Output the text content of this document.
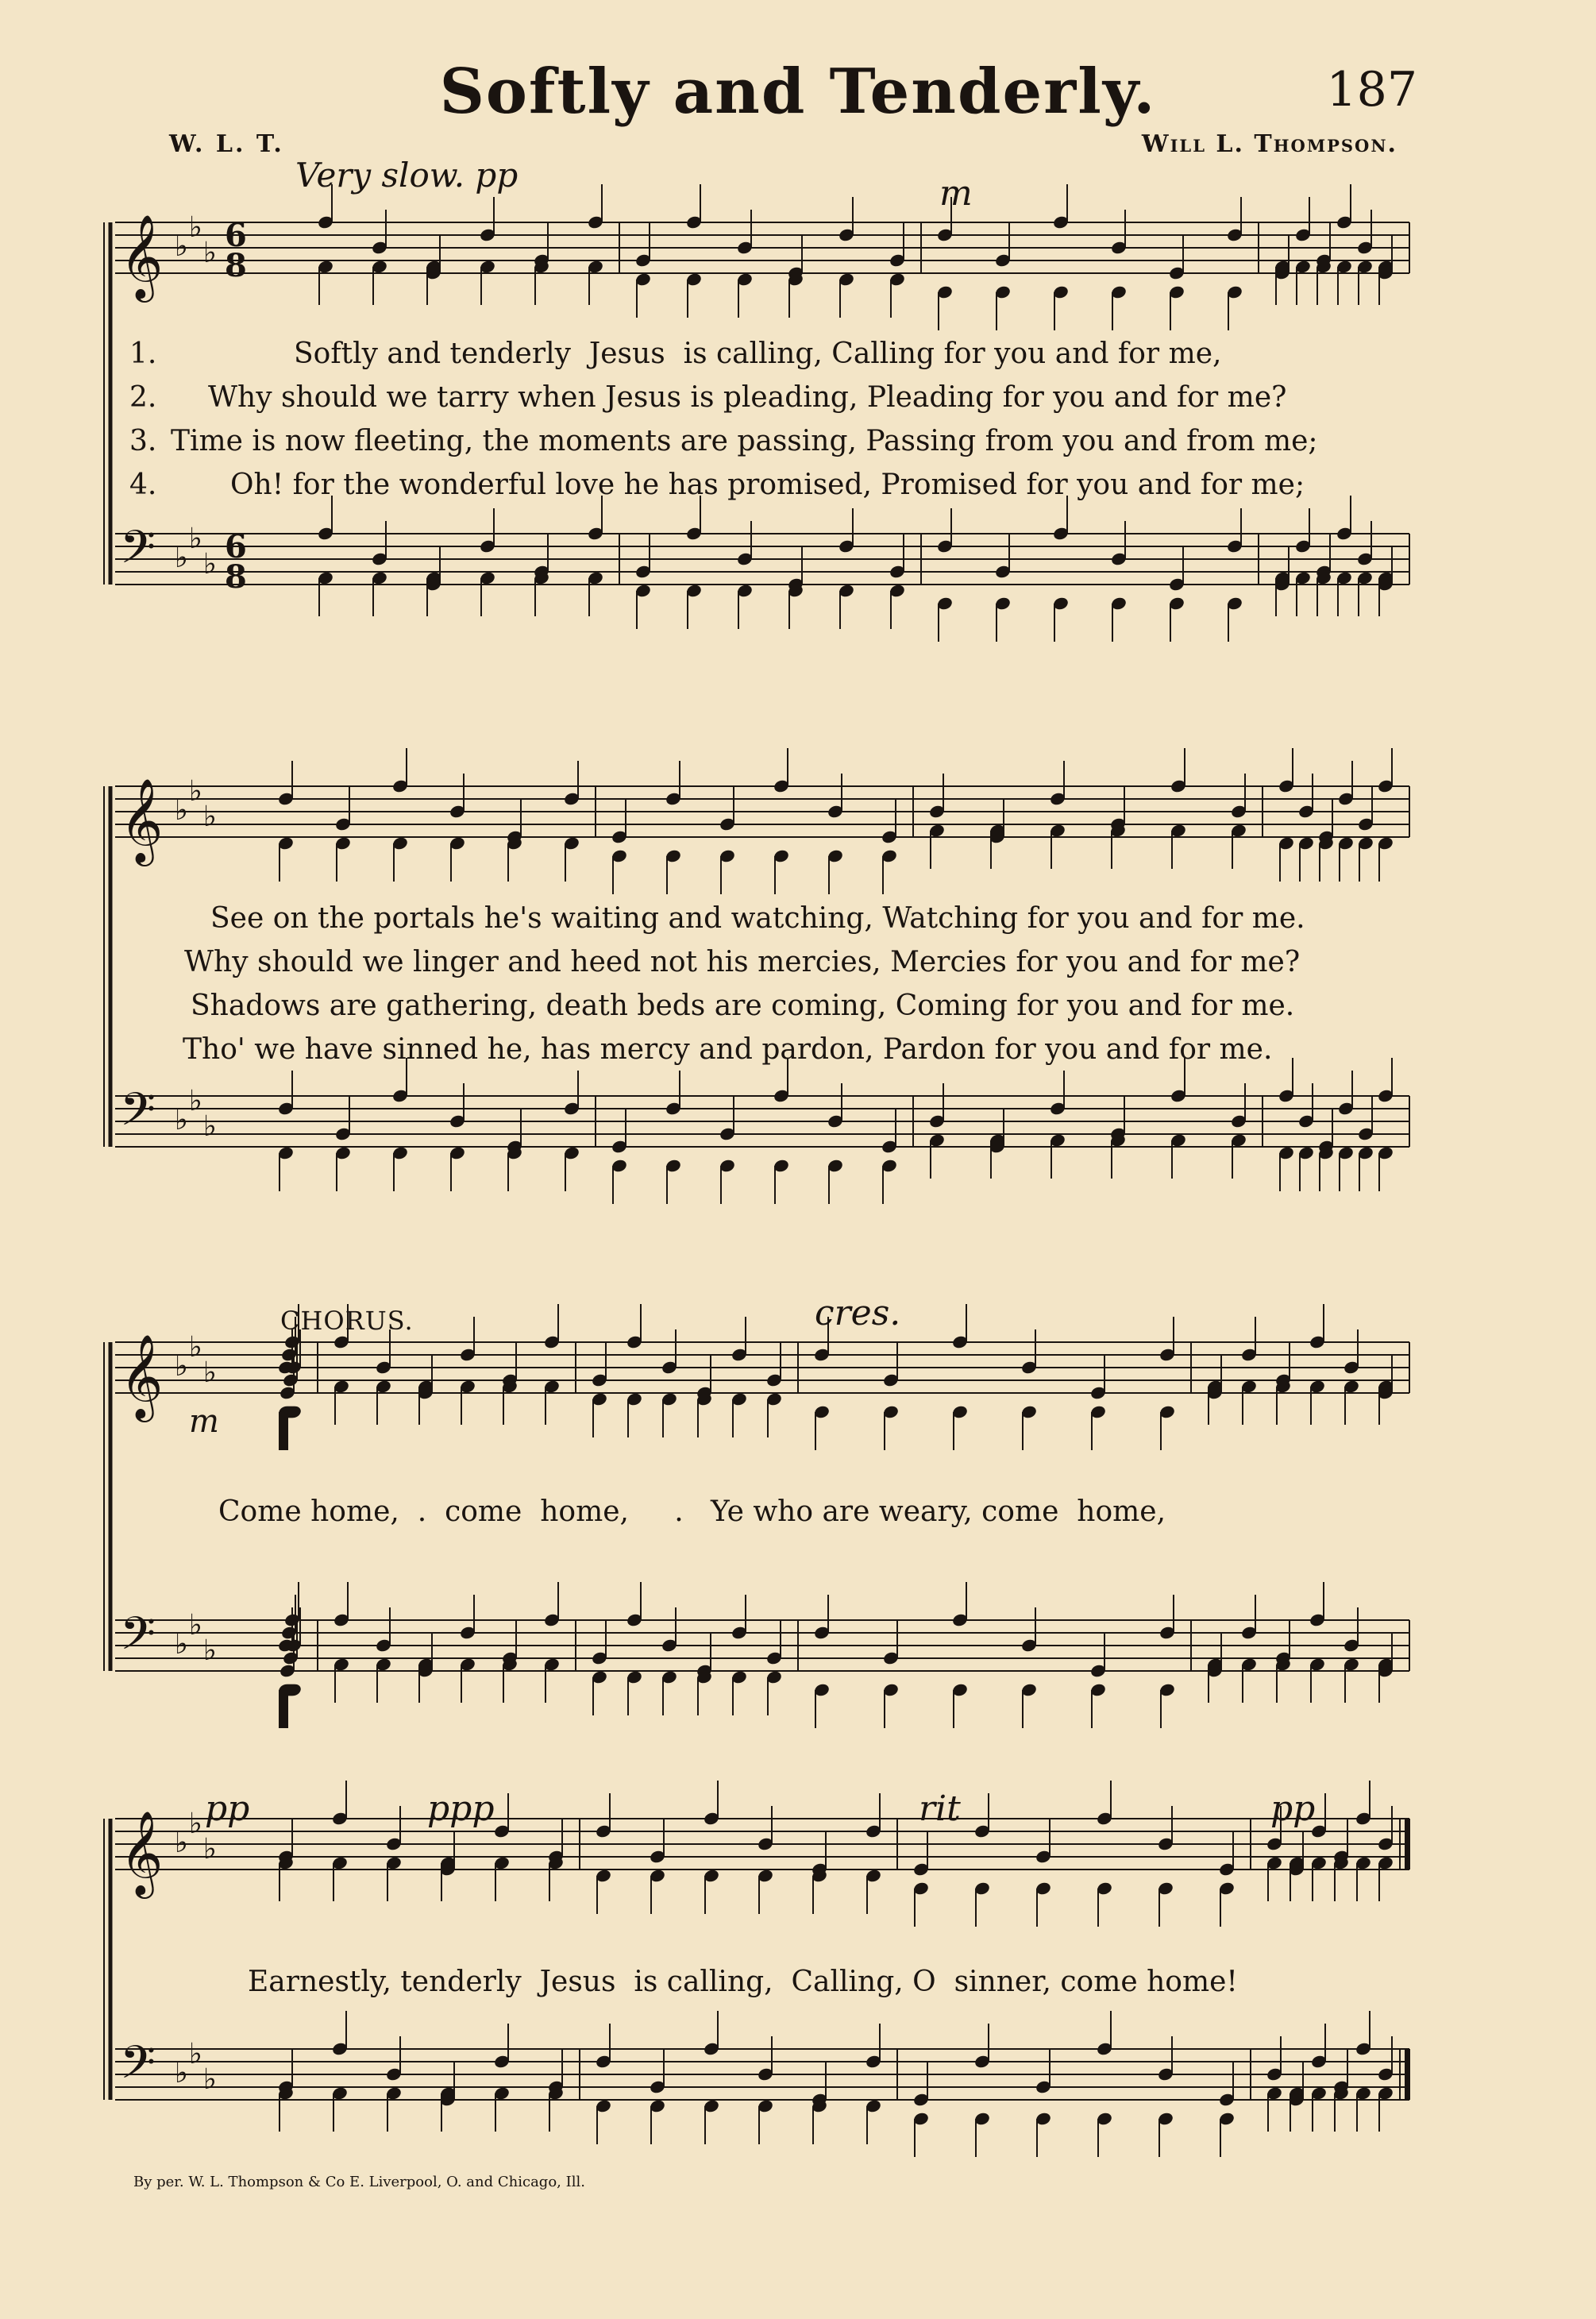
Softly and Tenderly.	187
W. L. T.	Will L. Thompson.
Very slow. pp
𝄞 ♭
♭
♭ 6
8
𝄢 ♭
♭
♭ 6
8
𝄞 ♭
♭
♭
𝄢 ♭
♭
♭
𝄞 ♭
♭
♭
𝄢 ♭
♭
♭
𝄞 ♭
♭
♭
𝄢 ♭
♭
♭
m
cres.
m
pp	ppp	rit	pp
1.
2.
3.
4.
Softly and tenderly  Jesus  is calling, Calling for you and for me,
Why should we tarry when Jesus is pleading, Pleading for you and for me?
Time is now fleeting, the moments are passing, Passing from you and from me;
Oh! for the wonderful love he has promised, Promised for you and for me;
See on the portals he's waiting and watching, Watching for you and for me.
Why should we linger and heed not his mercies, Mercies for you and for me?
Shadows are gathering, death beds are coming, Coming for you and for me.
Tho' we have sinned he, has mercy and pardon, Pardon for you and for me.
CHORUS.
Come home,  .  come  home,     .   Ye who are weary, come  home,
Earnestly, tenderly  Jesus  is calling,  Calling, O  sinner, come home!
By per. W. L. Thompson & Co E. Liverpool, O. and Chicago, Ill.
